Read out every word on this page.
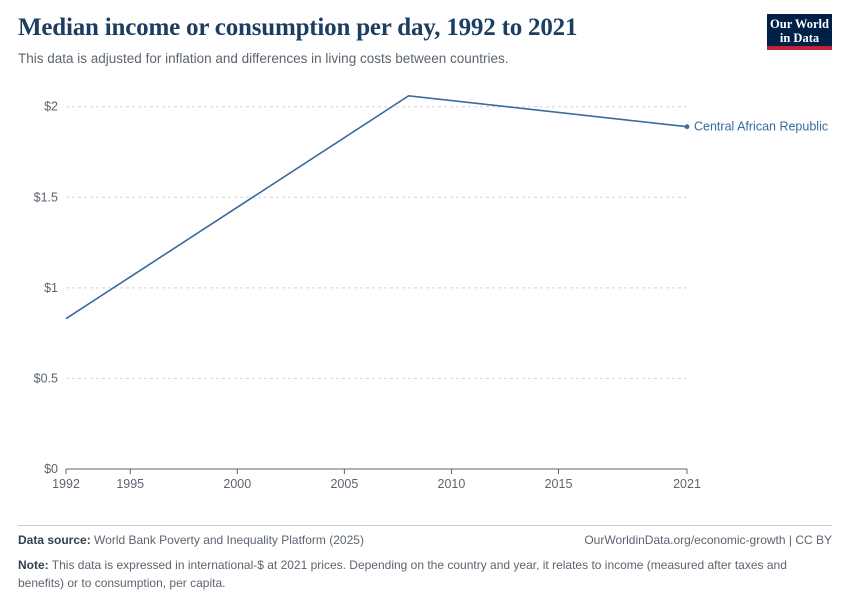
Median income or consumption per day, 1992 to 2021

This data is adjusted for inflation and differences in living costs between countries.

Our World
in Data
$0
$0.5
$1
$1.5
$2
1992	1995	2000	2005	2010	2015	2021
Central African Republic
Data source: World Bank Poverty and Inequality Platform (2025)	OurWorldinData.org/economic-growth | CC BY
Note: This data is expressed in international-$ at 2021 prices. Depending on the country and year, it relates to income (measured after taxes and benefits) or to consumption, per capita.
